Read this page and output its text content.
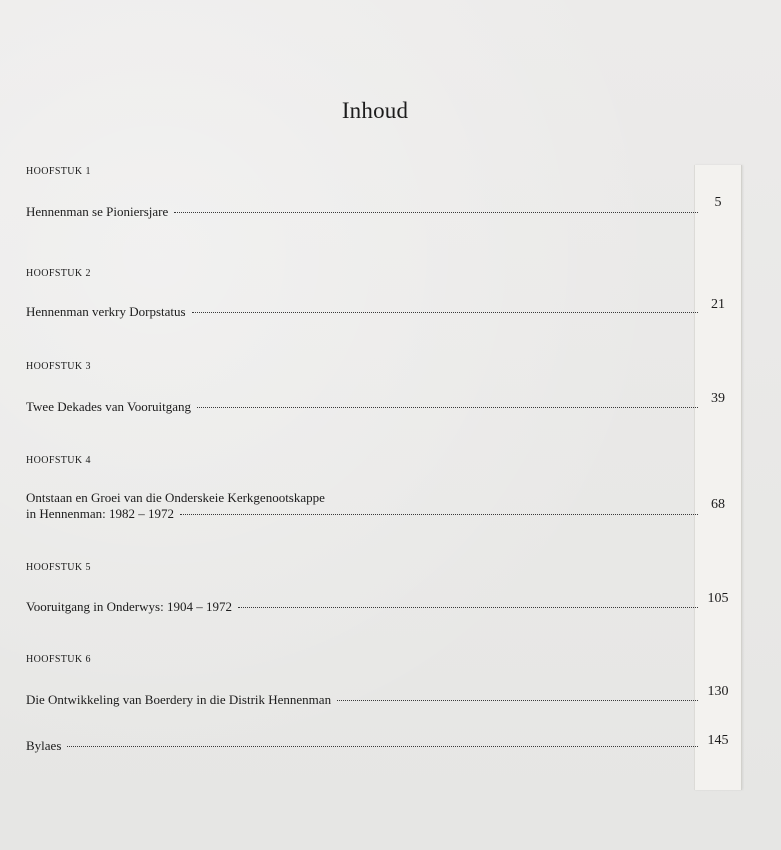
Inhoud
HOOFSTUK 1
Hennenman se Pioniersjare
5
HOOFSTUK 2
Hennenman verkry Dorpstatus	21
HOOFSTUK 3
Twee Dekades van Vooruitgang
39
HOOFSTUK 4
Ontstaan en Groei van die Onderskeie Kerkgenootskappe
in Hennenman: 1982 – 1972
68
HOOFSTUK 5
Vooruitgang in Onderwys: 1904 – 1972
105
HOOFSTUK 6
Die Ontwikkeling van Boerdery in die Distrik Hennenman
130
Bylaes	145
